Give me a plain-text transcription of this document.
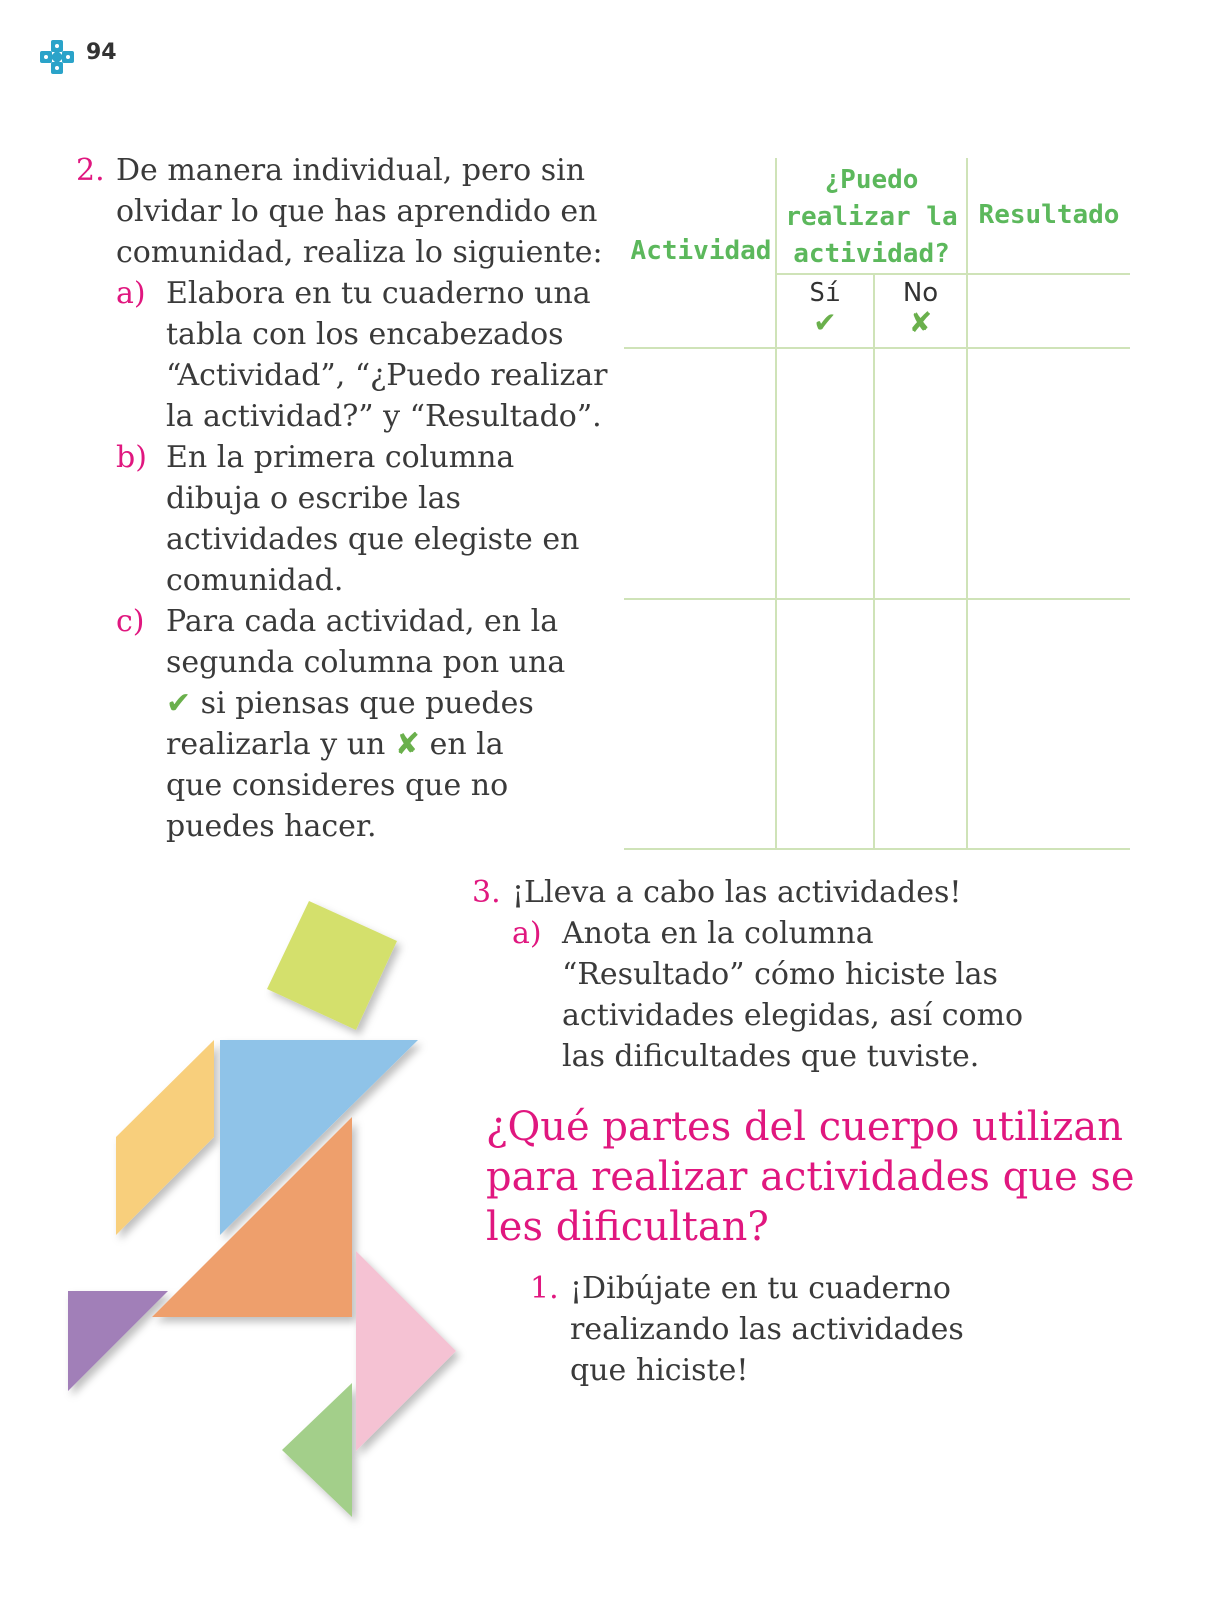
94
2. De manera individual, pero sin
olvidar lo que has aprendido en
comunidad, realiza lo siguiente:
a) Elabora en tu cuaderno una
tabla con los encabezados
“Actividad”, “¿Puedo realizar
la actividad?” y “Resultado”.
b) En la primera columna
dibuja o escribe las
actividades que elegiste en
comunidad.
c) Para cada actividad, en la
segunda columna pon una
✔ si piensas que puedes
realizarla y un ✘ en la
que consideres que no
puedes hacer.
Actividad
¿Puedo
realizar la
actividad?
Resultado
Sí
✔
No
✘
3. ¡Lleva a cabo las actividades!
a) Anota en la columna
“Resultado” cómo hiciste las
actividades elegidas, así como
las dificultades que tuviste.
¿Qué partes del cuerpo utilizan
para realizar actividades que se
les dificultan?
1. ¡Dibújate en tu cuaderno
realizando las actividades
que hiciste!
